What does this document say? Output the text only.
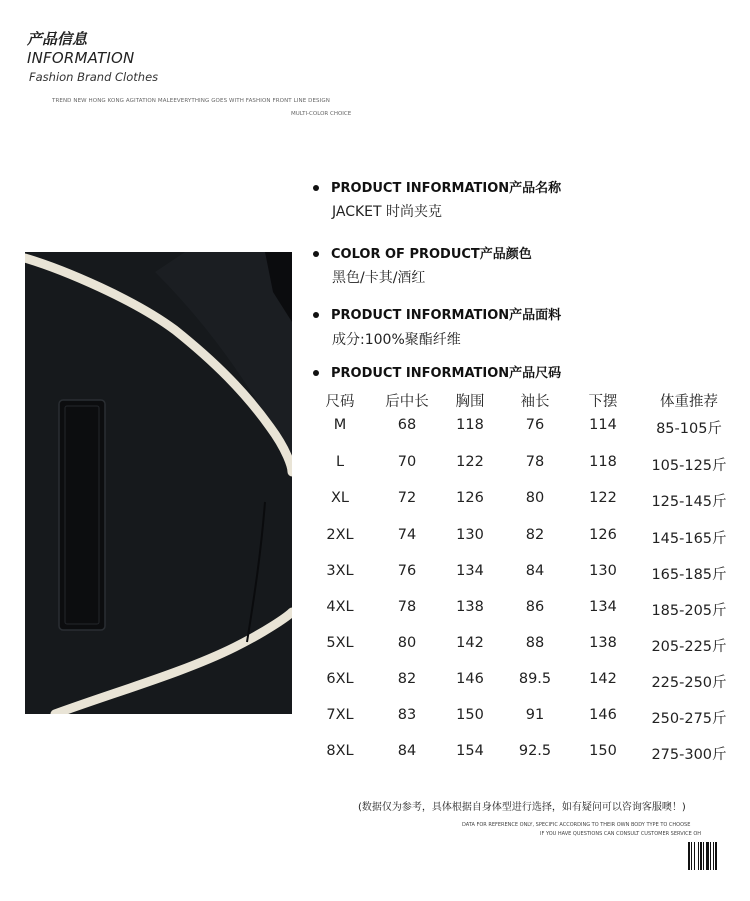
产品信息
INFORMATION
Fashion Brand Clothes
TREND NEW HONG KONG AGITATION MALEEVERYTHING GOES WITH FASHION FRONT LINE DESIGN
MULTI-COLOR CHOICE
PRODUCT INFORMATION产品名称
JACKET 时尚夹克
COLOR OF PRODUCT产品颜色
黑色/卡其/酒红
PRODUCT INFORMATION产品面料
成分:100%聚酯纤维
PRODUCT INFORMATION产品尺码
尺码 后中长 胸围 袖长	下摆	体重推荐
M	68	118	76	114	85-105斤
L	70	122	78	118 105-125斤
XL	72	126	80	122 125-145斤
2XL	74	130	82	126 145-165斤
3XL	76	134	84	130 165-185斤
4XL	78	138	86	134 185-205斤
5XL	80	142	88	138 205-225斤
6XL	82	146 89.5	142 225-250斤
7XL	83	150	91	146 250-275斤
8XL	84	154 92.5	150 275-300斤
(数据仅为参考，具体根据自身体型进行选择，如有疑问可以咨询客服噢！)
DATA FOR REFERENCE ONLY, SPECIFIC ACCORDING TO THEIR OWN BODY TYPE TO CHOOSE
IF YOU HAVE QUESTIONS CAN CONSULT CUSTOMER SERVICE OH
